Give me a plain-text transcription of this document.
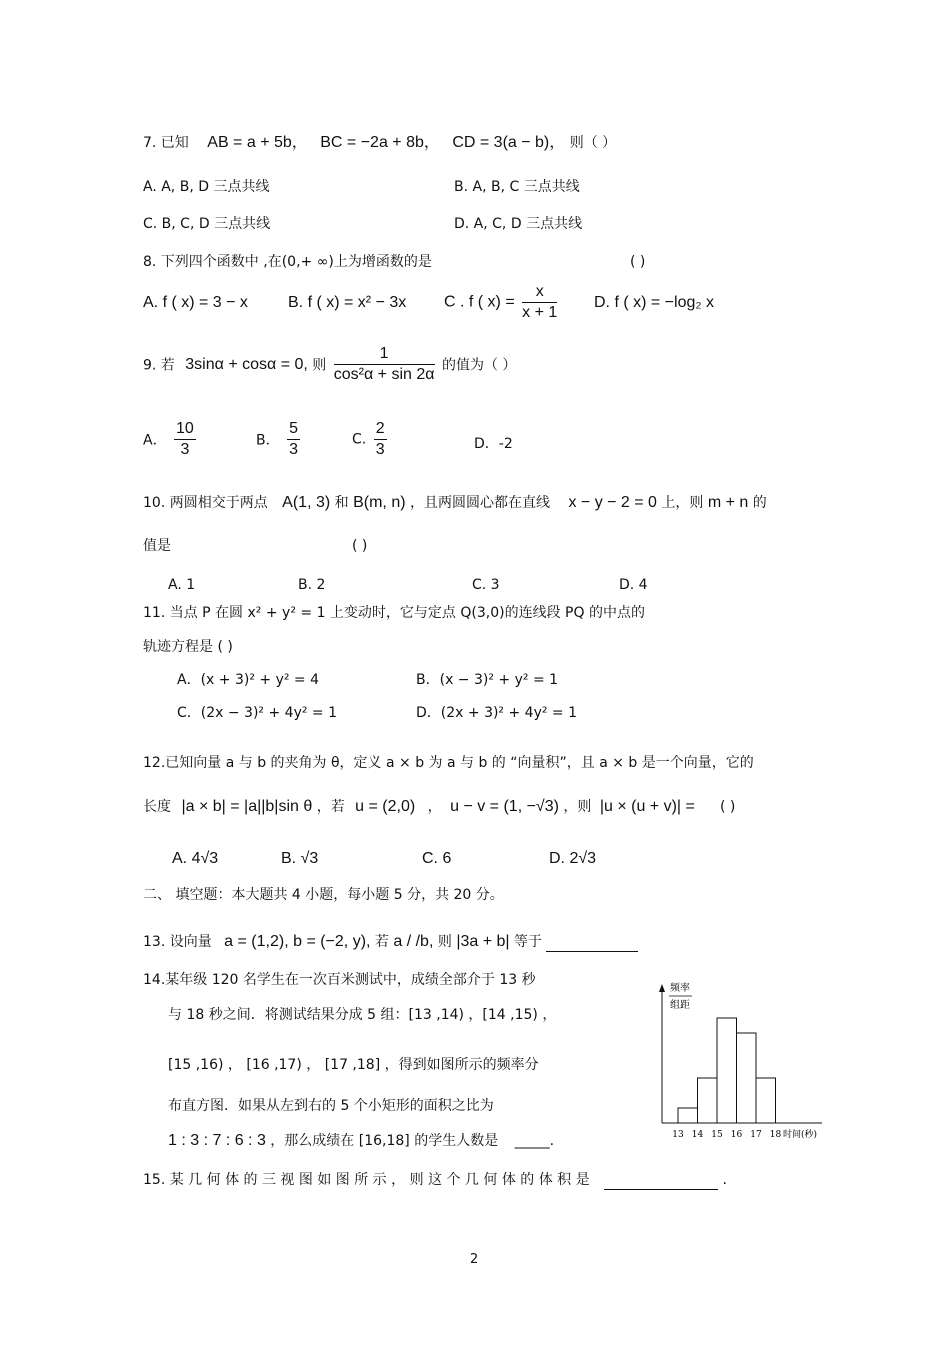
7. 已知 AB = a + 5b， BC = −2a + 8b， CD = 3(a − b)， 则（ ）
A. A, B, D 三点共线	B. A, B, C 三点共线
C. B, C, D 三点共线	D. A, C, D 三点共线
8. 下列四个函数中 ,在(0,+ ∞)上为增函数的是	( )
A. f ( x) = 3 − x	B. f ( x) = x² − 3x C . f ( $x) = \frac{x}{x + 1} D$. f ( x) = −log₂ x
9. 若 3sinα + cosα = 0, 则 $\frac{1}{\text{cos²α + sin 2α}}$ 的值为（ ）
A． $\frac{10}{3}$	B． $\frac{5}{3}$	C. $\frac{2}{3}$	D．-2
10. 两圆相交于两点 A(1, 3) 和 B(m, n) ，且两圆圆心都在直线 x − y − 2 = 0 上，则 m + n 的
值是	( )
A. 1	B. 2	C. 3	D. 4
11. 当点 P 在圆 x² + y² = 1 上变动时，它与定点 Q(3,0)的连线段 PQ 的中点的
轨迹方程是 ( )
A．(x + 3)² + y² = 4	B．(x − 3)² + y² = 1
C．(2x − 3)² + 4y² = 1	D．(2x + 3)² + 4y² = 1
12.已知向量 a 与 b 的夹角为 θ，定义 a × b 为 a 与 b 的 “向量积”，且 a × b 是一个向量，它的
长度 |a × b| = |a||b|sin θ ，若 u = (2,0) ， u − v = (1, −√3) ，则 |u × (u + v)| = ( )
A. 4√3	B. √3	C. 6	D. 2√3
二、 填空题：本大题共 4 小题，每小题 5 分，共 20 分。
13. 设向量 a = (1,2), b = (−2, y), 若 a / /b, 则 |3a + b| 等于
14.某年级 120 名学生在一次百米测试中，成绩全部介于 13 秒
与 18 秒之间．将测试结果分成 5 组：[13 ,14) ，[14 ,15) ，
[15 ,16) ， [16 ,17) ， [17 ,18] ，得到如图所示的频率分
布直方图．如果从左到右的 5 个小矩形的面积之比为
1 : 3 : 7 : 6 : 3 ，那么成绩在 [16,18] 的学生人数是 _____.
频率
组距
13 14 15 16 17 18 时间(秒)
15. 某 几 何 体 的 三 视 图 如 图 所 示 ， 则 这 个 几 何 体 的 体 积 是	.
2
